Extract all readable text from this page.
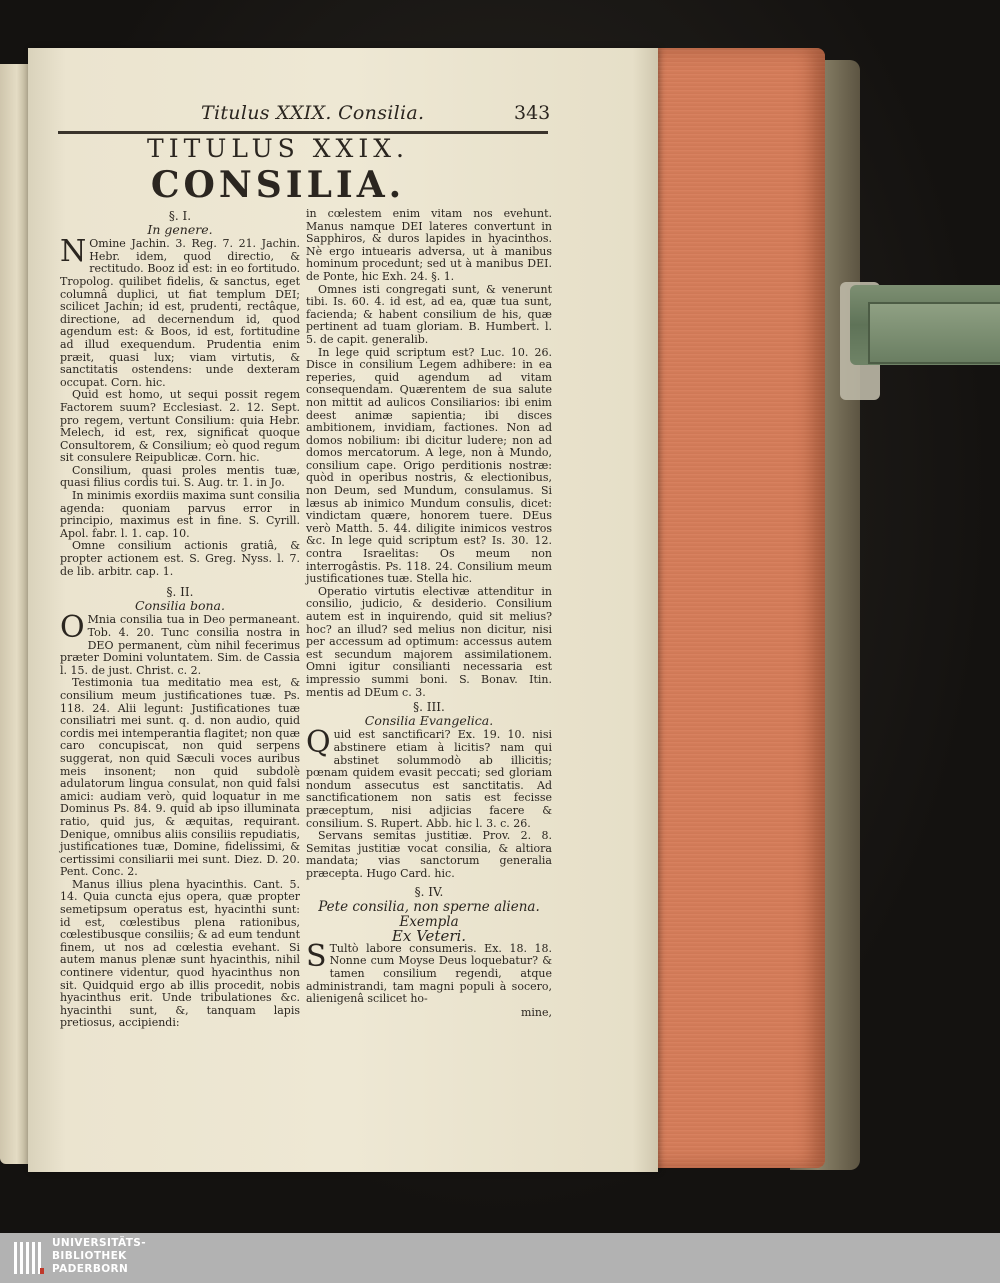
Titulus XXIX. Consilia.	343
TITULUS XXIX.
CONSILIA.
§. I.
In genere.

N Omine Jachin. 3. Reg. 7. 21. Jachin. Hebr. idem, quod directio, & rectitudo. Booz id est: in eo fortitudo. Tropolog. quilibet fidelis, & sanctus, eget columnâ duplici, ut fiat templum DEI; scilicet Jachin; id est, prudenti, rectâque, directione, ad decernendum id, quod agendum est: & Boos, id est, fortitudine ad illud exequendum. Prudentia enim præit, quasi lux; viam virtutis, & sanctitatis ostendens: unde dexteram occupat. Corn. hic.

Quid est homo, ut sequi possit regem Factorem suum? Ecclesiast. 2. 12. Sept. pro regem, vertunt Consilium: quia Hebr. Melech, id est, rex, significat quoque Consultorem, & Consilium; eò quod regum sit consulere Reipublicæ. Corn. hic.

Consilium, quasi proles mentis tuæ, quasi filius cordis tui. S. Aug. tr. 1. in Jo.

In minimis exordiis maxima sunt consilia agenda: quoniam parvus error in principio, maximus est in fine. S. Cyrill. Apol. fabr. l. 1. cap. 10.

Omne consilium actionis gratiâ, & propter actionem est. S. Greg. Nyss. l. 7. de lib. arbitr. cap. 1.

§. II.
Consilia bona.

O Mnia consilia tua in Deo permaneant. Tob. 4. 20. Tunc consilia nostra in DEO permanent, cùm nihil fecerimus præter Domini voluntatem. Sim. de Cassia l. 15. de just. Christ. c. 2.

Testimonia tua meditatio mea est, & consilium meum justificationes tuæ. Ps. 118. 24. Alii legunt: Justificationes tuæ consiliatri mei sunt. q. d. non audio, quid cordis mei intemperantia flagitet; non quæ caro concupiscat, non quid serpens suggerat, non quid Sæculi voces auribus meis insonent; non quid subdolè adulatorum lingua consulat, non quid falsi amici: audiam verò, quid loquatur in me Dominus Ps. 84. 9. quid ab ipso illuminata ratio, quid jus, & æquitas, requirant. Denique, omnibus aliis consiliis repudiatis, justificationes tuæ, Domine, fidelissimi, & certissimi consiliarii mei sunt. Diez. D. 20. Pent. Conc. 2.

Manus illius plena hyacinthis. Cant. 5. 14. Quia cuncta ejus opera, quæ propter semetipsum operatus est, hyacinthi sunt: id est, cœlestibus plena rationibus, cœlestibusque consiliis; & ad eum tendunt finem, ut nos ad cœlestia evehant. Si autem manus plenæ sunt hyacinthis, nihil continere videntur, quod hyacinthus non sit. Quidquid ergo ab illis procedit, nobis hyacinthus erit. Unde tribulationes &c. hyacinthi sunt, &, tanquam lapis pretiosus, accipiendi:

in cœlestem enim vitam nos evehunt. Manus namque DEI lateres convertunt in Sapphiros, & duros lapides in hyacinthos. Nè ergo intuearis adversa, ut à manibus hominum procedunt; sed ut à manibus DEI. de Ponte, hic Exh. 24. §. 1.

Omnes isti congregati sunt, & venerunt tibi. Is. 60. 4. id est, ad ea, quæ tua sunt, facienda; & habent consilium de his, quæ pertinent ad tuam gloriam. B. Humbert. l. 5. de capit. generalib.

In lege quid scriptum est? Luc. 10. 26. Disce in consilium Legem adhibere: in ea reperies, quid agendum ad vitam consequendam. Quærentem de sua salute non mittit ad aulicos Consiliarios: ibi enim deest animæ sapientia; ibi disces ambitionem, invidiam, factiones. Non ad domos nobilium: ibi dicitur ludere; non ad domos mercatorum. A lege, non à Mundo, consilium cape. Origo perditionis nostræ: quòd in operibus nostris, & electionibus, non Deum, sed Mundum, consulamus. Si læsus ab inimico Mundum consulis, dicet: vindictam quære, honorem tuere. DEus verò Matth. 5. 44. diligite inimicos vestros &c. In lege quid scriptum est? Is. 30. 12. contra Israelitas: Os meum non interrogâstis. Ps. 118. 24. Consilium meum justificationes tuæ. Stella hic.

Operatio virtutis electivæ attenditur in consilio, judicio, & desiderio. Consilium autem est in inquirendo, quid sit melius? hoc? an illud? sed melius non dicitur, nisi per accessum ad optimum: accessus autem est secundum majorem assimilationem. Omni igitur consilianti necessaria est impressio summi boni. S. Bonav. Itin. mentis ad DEum c. 3.

§. III.
Consilia Evangelica.

Quid est sanctificari? Ex. 19. 10. nisi abstinere etiam à licitis? nam qui abstinet solummodò ab illicitis; pœnam quidem evasit peccati; sed gloriam nondum assecutus est sanctitatis. Ad sanctificationem non satis est fecisse præceptum, nisi adjicias facere & consilium. S. Rupert. Abb. hic l. 3. c. 26.

Servans semitas justitiæ. Prov. 2. 8. Semitas justitiæ vocat consilia, & altiora mandata; vias sanctorum generalia præcepta. Hugo Card. hic.

§. IV.
Pete consilia, non sperne aliena.
Exempla
Ex Veteri.

S Tultò labore consumeris. Ex. 18. 18. Nonne cum Moyse Deus loquebatur? & tamen consilium regendi, atque administrandi, tam magni populi à socero, alienigenâ scilicet ho-

mine,
UNIVERSITÄTS-
BIBLIOTHEK
PADERBORN
